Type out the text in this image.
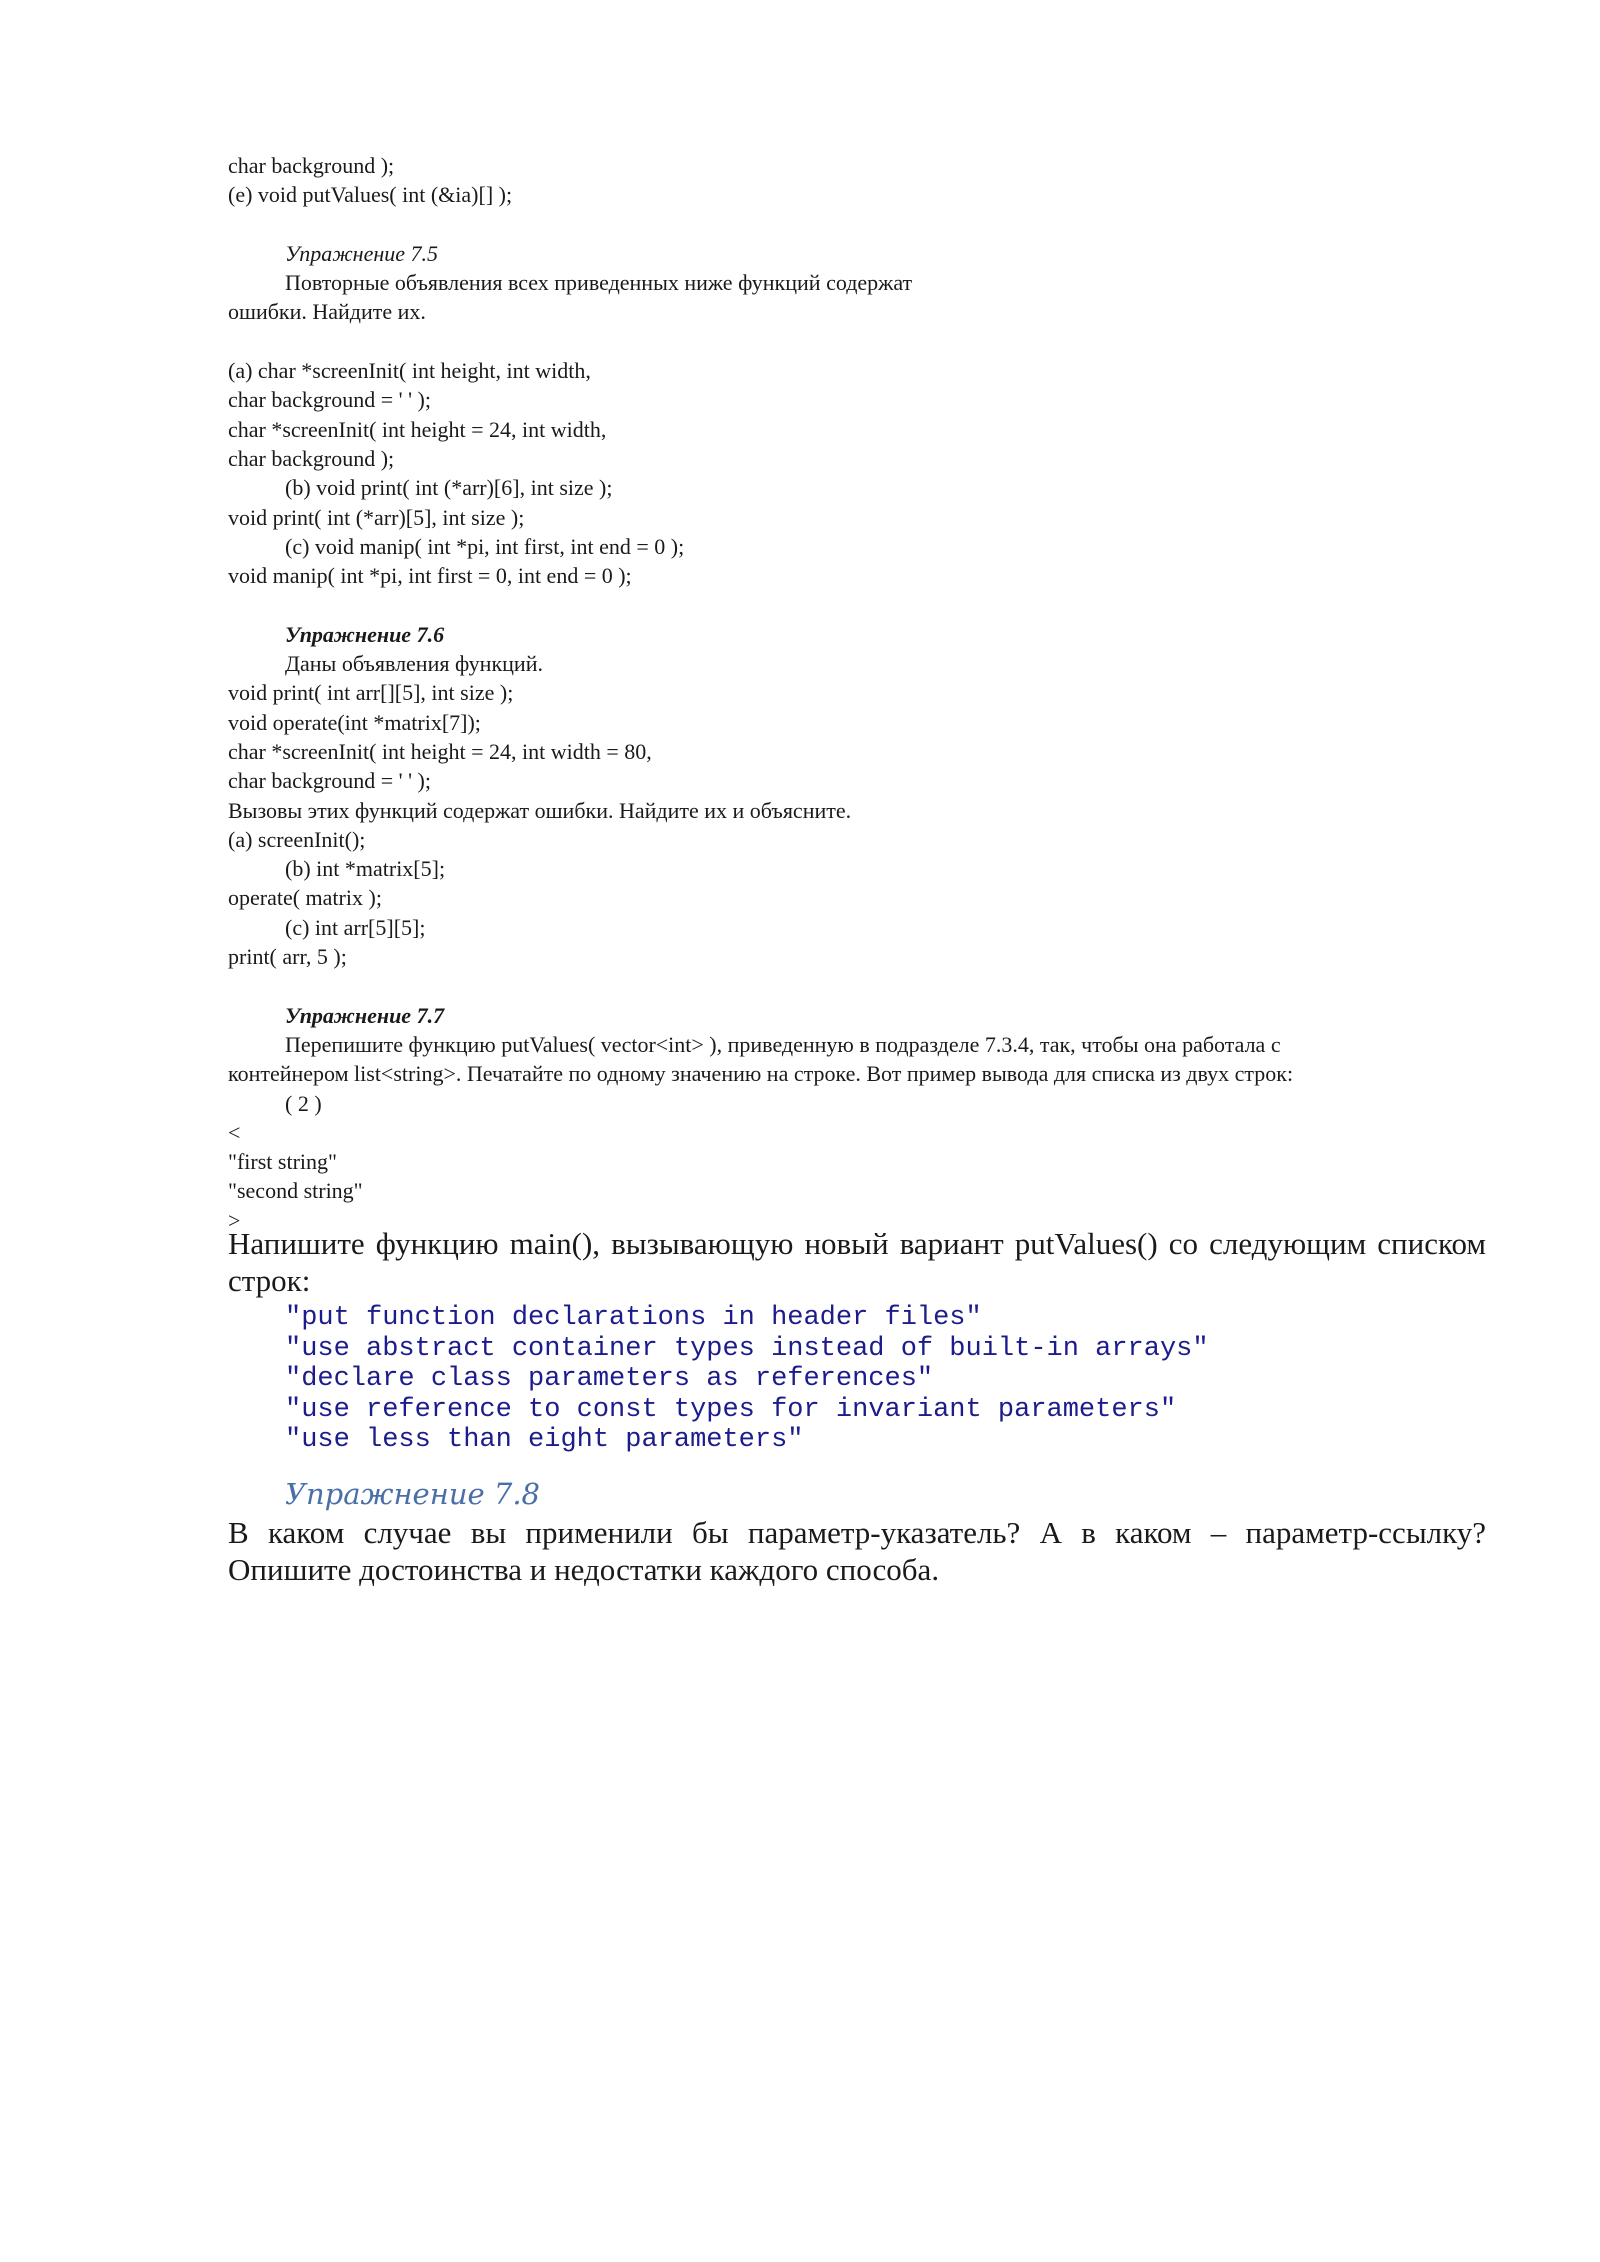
char background );
(e) void putValues( int (&ia)[] );
Упражнение 7.5
Повторные объявления всех приведенных ниже функций содержат
ошибки. Найдите их.
(a) char *screenInit( int height, int width,
char background = ' ' );
char *screenInit( int height = 24, int width,
char background );
(b) void print( int (*arr)[6], int size );
void print( int (*arr)[5], int size );
(c) void manip( int *pi, int first, int end = 0 );
void manip( int *pi, int first = 0, int end = 0 );
Упражнение 7.6
Даны объявления функций.
void print( int arr[][5], int size );
void operate(int *matrix[7]);
char *screenInit( int height = 24, int width = 80,
char background = ' ' );
Вызовы этих функций содержат ошибки. Найдите их и объясните.
(a) screenInit();
(b) int *matrix[5];
operate( matrix );
(c) int arr[5][5];
print( arr, 5 );
Упражнение 7.7
Перепишите функцию putValues( vector<int> ), приведенную в подразделе 7.3.4, так, чтобы она работала с
контейнером list<string>. Печатайте по одному значению на строке. Вот пример вывода для списка из двух строк:
( 2 )
<
"first string"
"second string"
>
Напишите функцию main(), вызывающую новый вариант putValues() со следующим списком строк:
"put function declarations in header files"
"use abstract container types instead of built-in arrays"
"declare class parameters as references"
"use reference to const types for invariant parameters"
"use less than eight parameters"
Упражнение 7.8
В каком случае вы применили бы параметр-указатель? А в каком – параметр-ссылку? Опишите достоинства и недостатки каждого способа.
